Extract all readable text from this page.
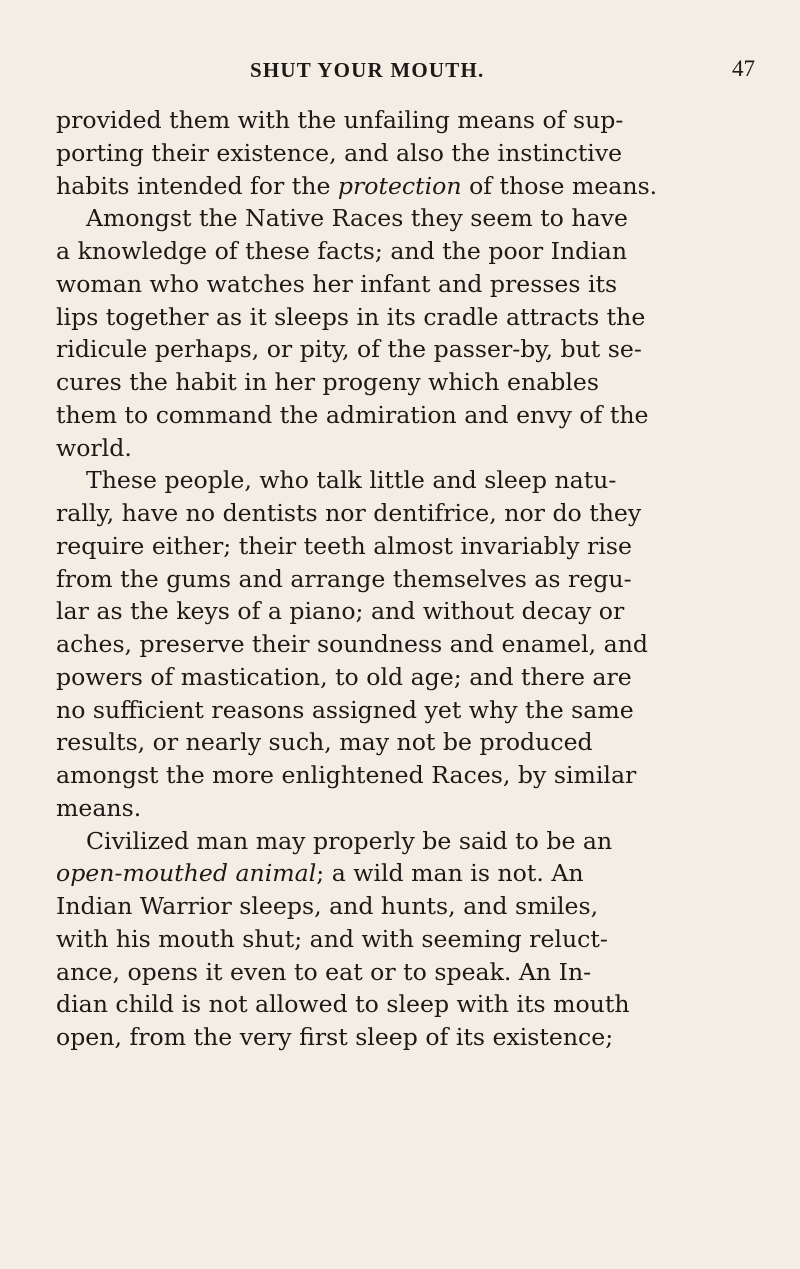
SHUT YOUR MOUTH.	47
provided them with the unfailing means of sup-
porting their existence, and also the instinctive
habits intended for the protection of those means.
Amongst the Native Races they seem to have
a knowledge of these facts; and the poor Indian
woman who watches her infant and presses its
lips together as it sleeps in its cradle attracts the
ridicule perhaps, or pity, of the passer-by, but se-
cures the habit in her progeny which enables
them to command the admiration and envy of the
world.
These people, who talk little and sleep natu-
rally, have no dentists nor dentifrice, nor do they
require either; their teeth almost invariably rise
from the gums and arrange themselves as regu-
lar as the keys of a piano; and without decay or
aches, preserve their soundness and enamel, and
powers of mastication, to old age; and there are
no sufficient reasons assigned yet why the same
results, or nearly such, may not be produced
amongst the more enlightened Races, by similar
means.
Civilized man may properly be said to be an
open-mouthed animal; a wild man is not. An
Indian Warrior sleeps, and hunts, and smiles,
with his mouth shut; and with seeming reluct-
ance, opens it even to eat or to speak. An In-
dian child is not allowed to sleep with its mouth
open, from the very first sleep of its existence;
